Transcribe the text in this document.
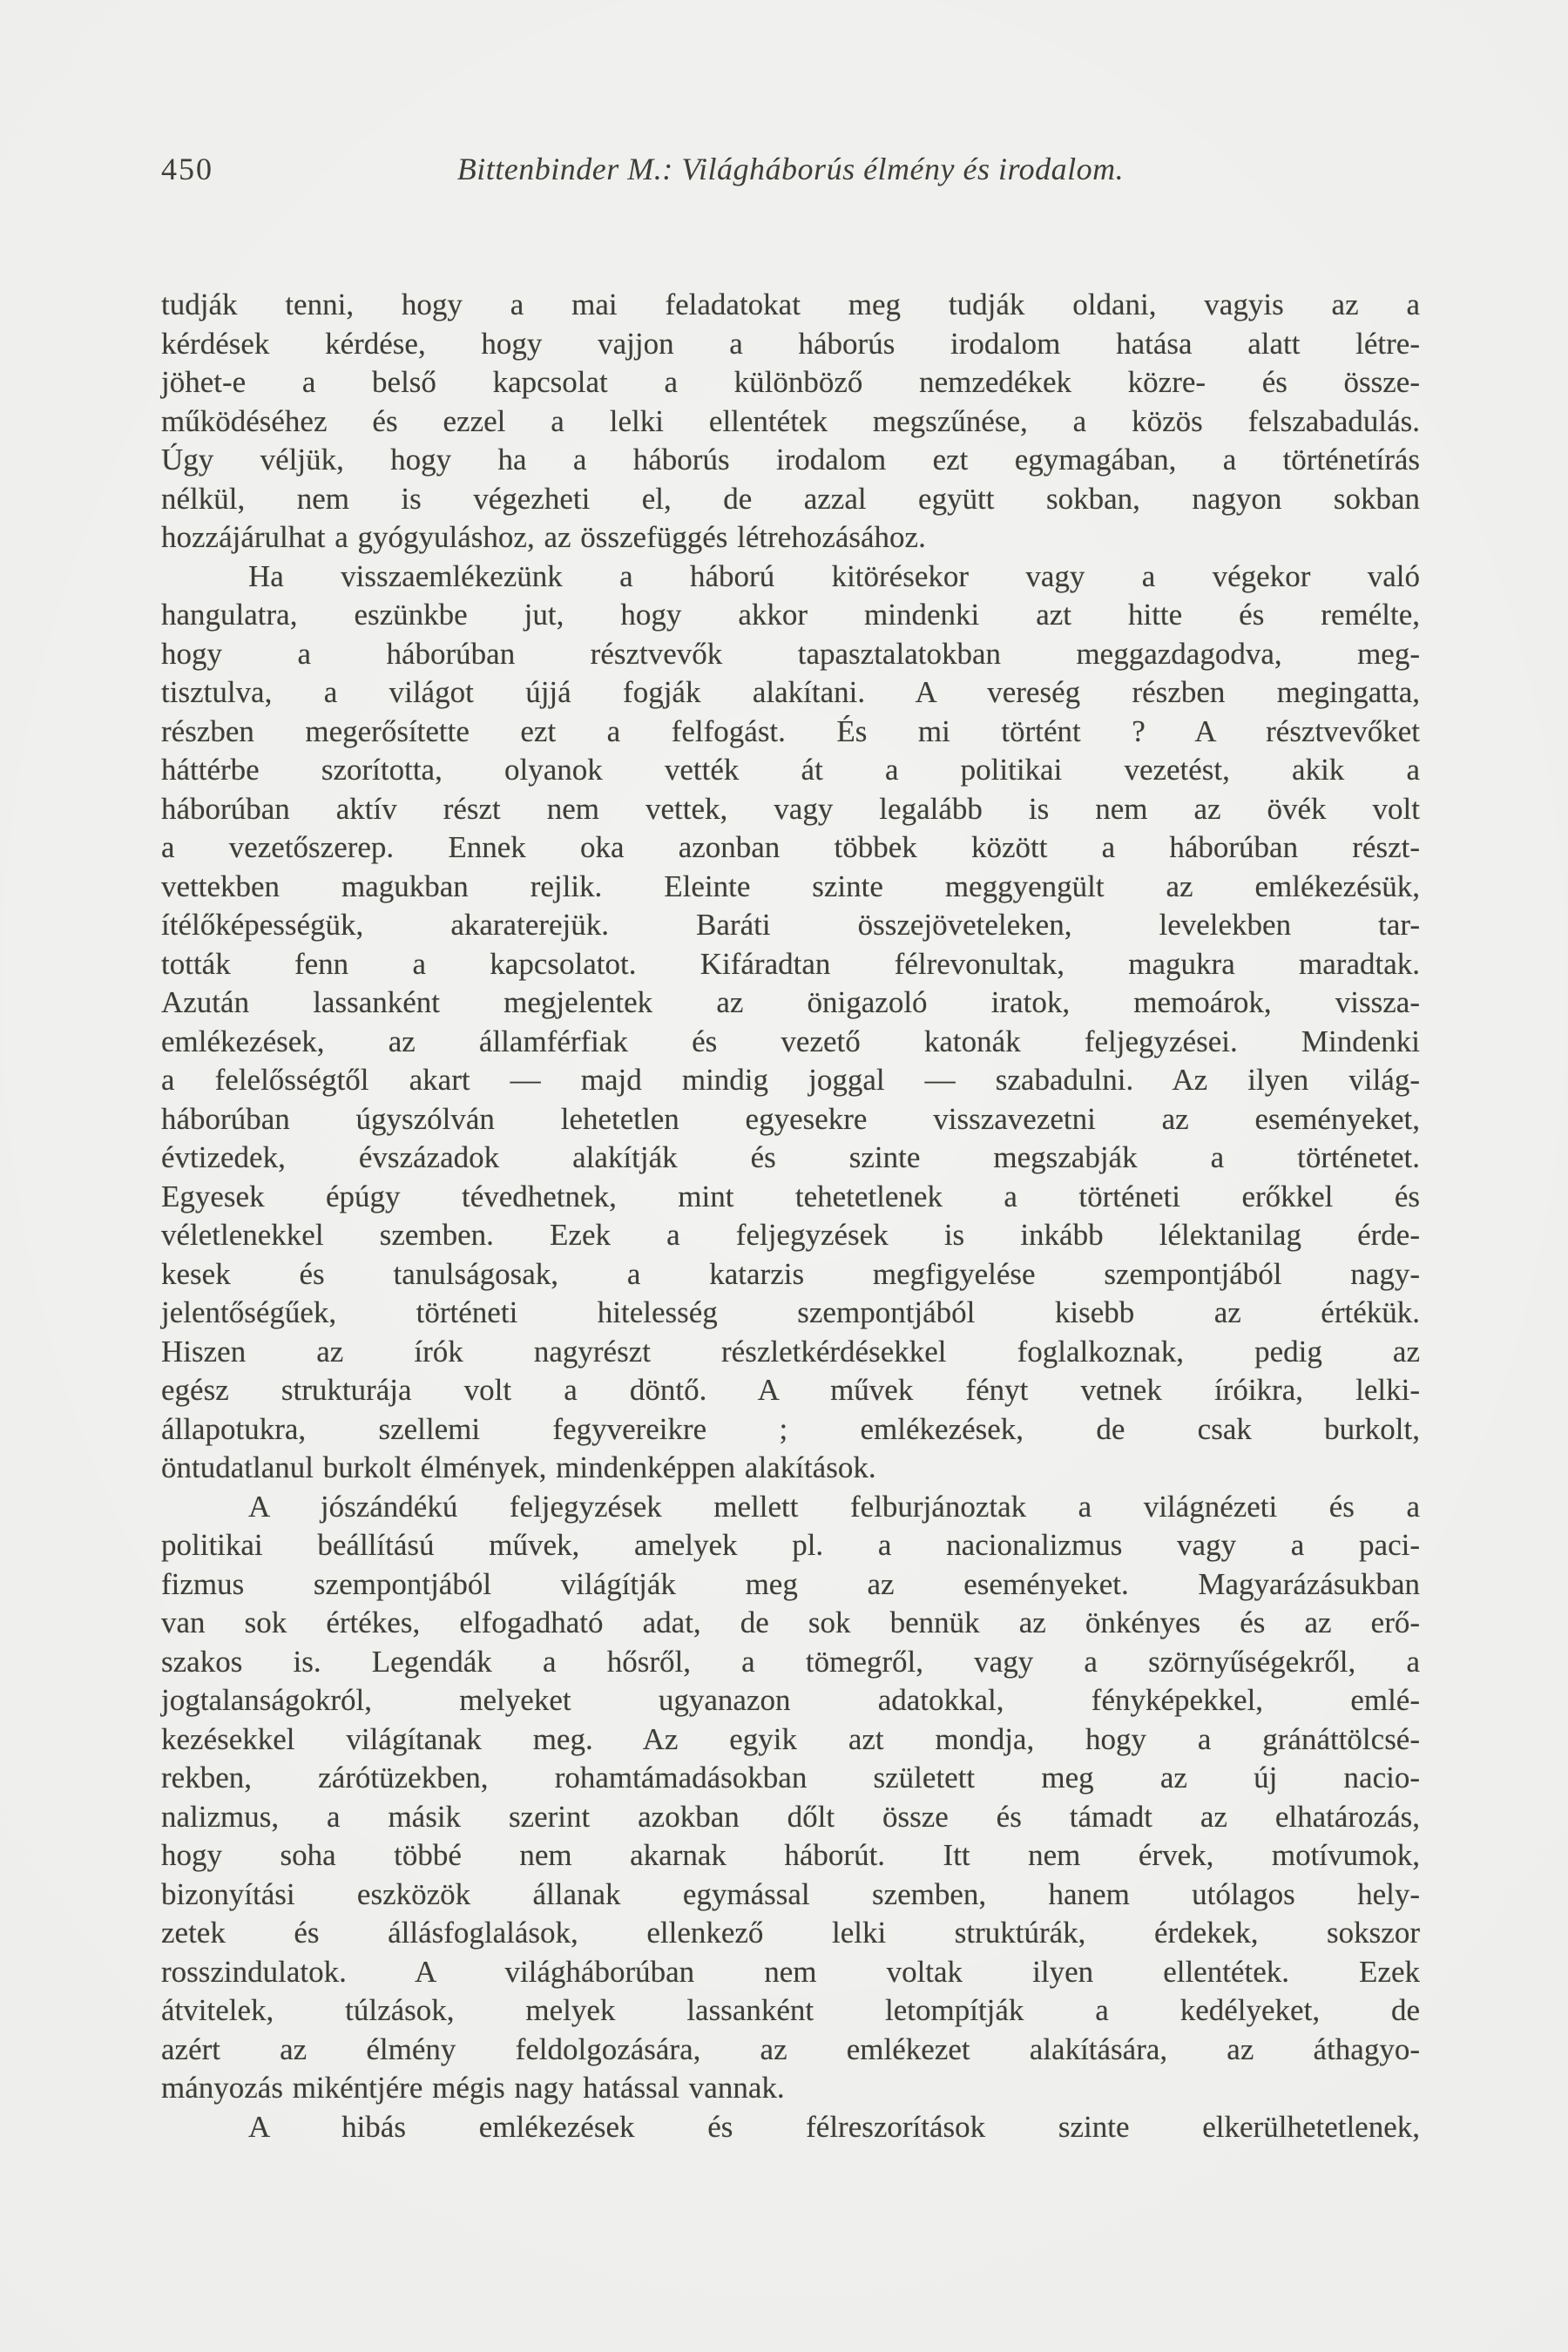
450	Bittenbinder M.: Világháborús élmény és irodalom.
tudják tenni, hogy a mai feladatokat meg tudják oldani, vagyis az a
kérdések kérdése, hogy vajjon a háborús irodalom hatása alatt létre-
jöhet-e a belső kapcsolat a különböző nemzedékek közre- és össze-
működéséhez és ezzel a lelki ellentétek megszűnése, a közös felszabadulás.
Úgy véljük, hogy ha a háborús irodalom ezt egymagában, a történetírás
nélkül, nem is végezheti el, de azzal együtt sokban, nagyon sokban
hozzájárulhat a gyógyuláshoz, az összefüggés létrehozásához.
Ha visszaemlékezünk a háború kitörésekor vagy a végekor való
hangulatra, eszünkbe jut, hogy akkor mindenki azt hitte és remélte,
hogy a háborúban résztvevők tapasztalatokban meggazdagodva, meg-
tisztulva, a világot újjá fogják alakítani. A vereség részben megingatta,
részben megerősítette ezt a felfogást. És mi történt ? A résztvevőket
háttérbe szorította, olyanok vették át a politikai vezetést, akik a
háborúban aktív részt nem vettek, vagy legalább is nem az övék volt
a vezetőszerep. Ennek oka azonban többek között a háborúban részt-
vettekben magukban rejlik. Eleinte szinte meggyengült az emlékezésük,
ítélőképességük, akaraterejük. Baráti összejöveteleken, levelekben tar-
tották fenn a kapcsolatot. Kifáradtan félrevonultak, magukra maradtak.
Azután lassanként megjelentek az önigazoló iratok, memoárok, vissza-
emlékezések, az államférfiak és vezető katonák feljegyzései. Mindenki
a felelősségtől akart — majd mindig joggal — szabadulni. Az ilyen világ-
háborúban úgyszólván lehetetlen egyesekre visszavezetni az eseményeket,
évtizedek, évszázadok alakítják és szinte megszabják a történetet.
Egyesek épúgy tévedhetnek, mint tehetetlenek a történeti erőkkel és
véletlenekkel szemben. Ezek a feljegyzések is inkább lélektanilag érde-
kesek és tanulságosak, a katarzis megfigyelése szempontjából nagy-
jelentőségűek, történeti hitelesség szempontjából kisebb az értékük.
Hiszen az írók nagyrészt részletkérdésekkel foglalkoznak, pedig az
egész strukturája volt a döntő. A művek fényt vetnek íróikra, lelki-
állapotukra, szellemi fegyvereikre ; emlékezések, de csak burkolt,
öntudatlanul burkolt élmények, mindenképpen alakítások.
A jószándékú feljegyzések mellett felburjánoztak a világnézeti és a
politikai beállítású művek, amelyek pl. a nacionalizmus vagy a paci-
fizmus szempontjából világítják meg az eseményeket. Magyarázásukban
van sok értékes, elfogadható adat, de sok bennük az önkényes és az erő-
szakos is. Legendák a hősről, a tömegről, vagy a szörnyűségekről, a
jogtalanságokról, melyeket ugyanazon adatokkal, fényképekkel, emlé-
kezésekkel világítanak meg. Az egyik azt mondja, hogy a gránáttölcsé-
rekben, zárótüzekben, rohamtámadásokban született meg az új nacio-
nalizmus, a másik szerint azokban dőlt össze és támadt az elhatározás,
hogy soha többé nem akarnak háborút. Itt nem érvek, motívumok,
bizonyítási eszközök állanak egymással szemben, hanem utólagos hely-
zetek és állásfoglalások, ellenkező lelki struktúrák, érdekek, sokszor
rosszindulatok. A világháborúban nem voltak ilyen ellentétek. Ezek
átvitelek, túlzások, melyek lassanként letompítják a kedélyeket, de
azért az élmény feldolgozására, az emlékezet alakítására, az áthagyo-
mányozás mikéntjére mégis nagy hatással vannak.
A hibás emlékezések és félreszorítások szinte elkerülhetetlenek,
